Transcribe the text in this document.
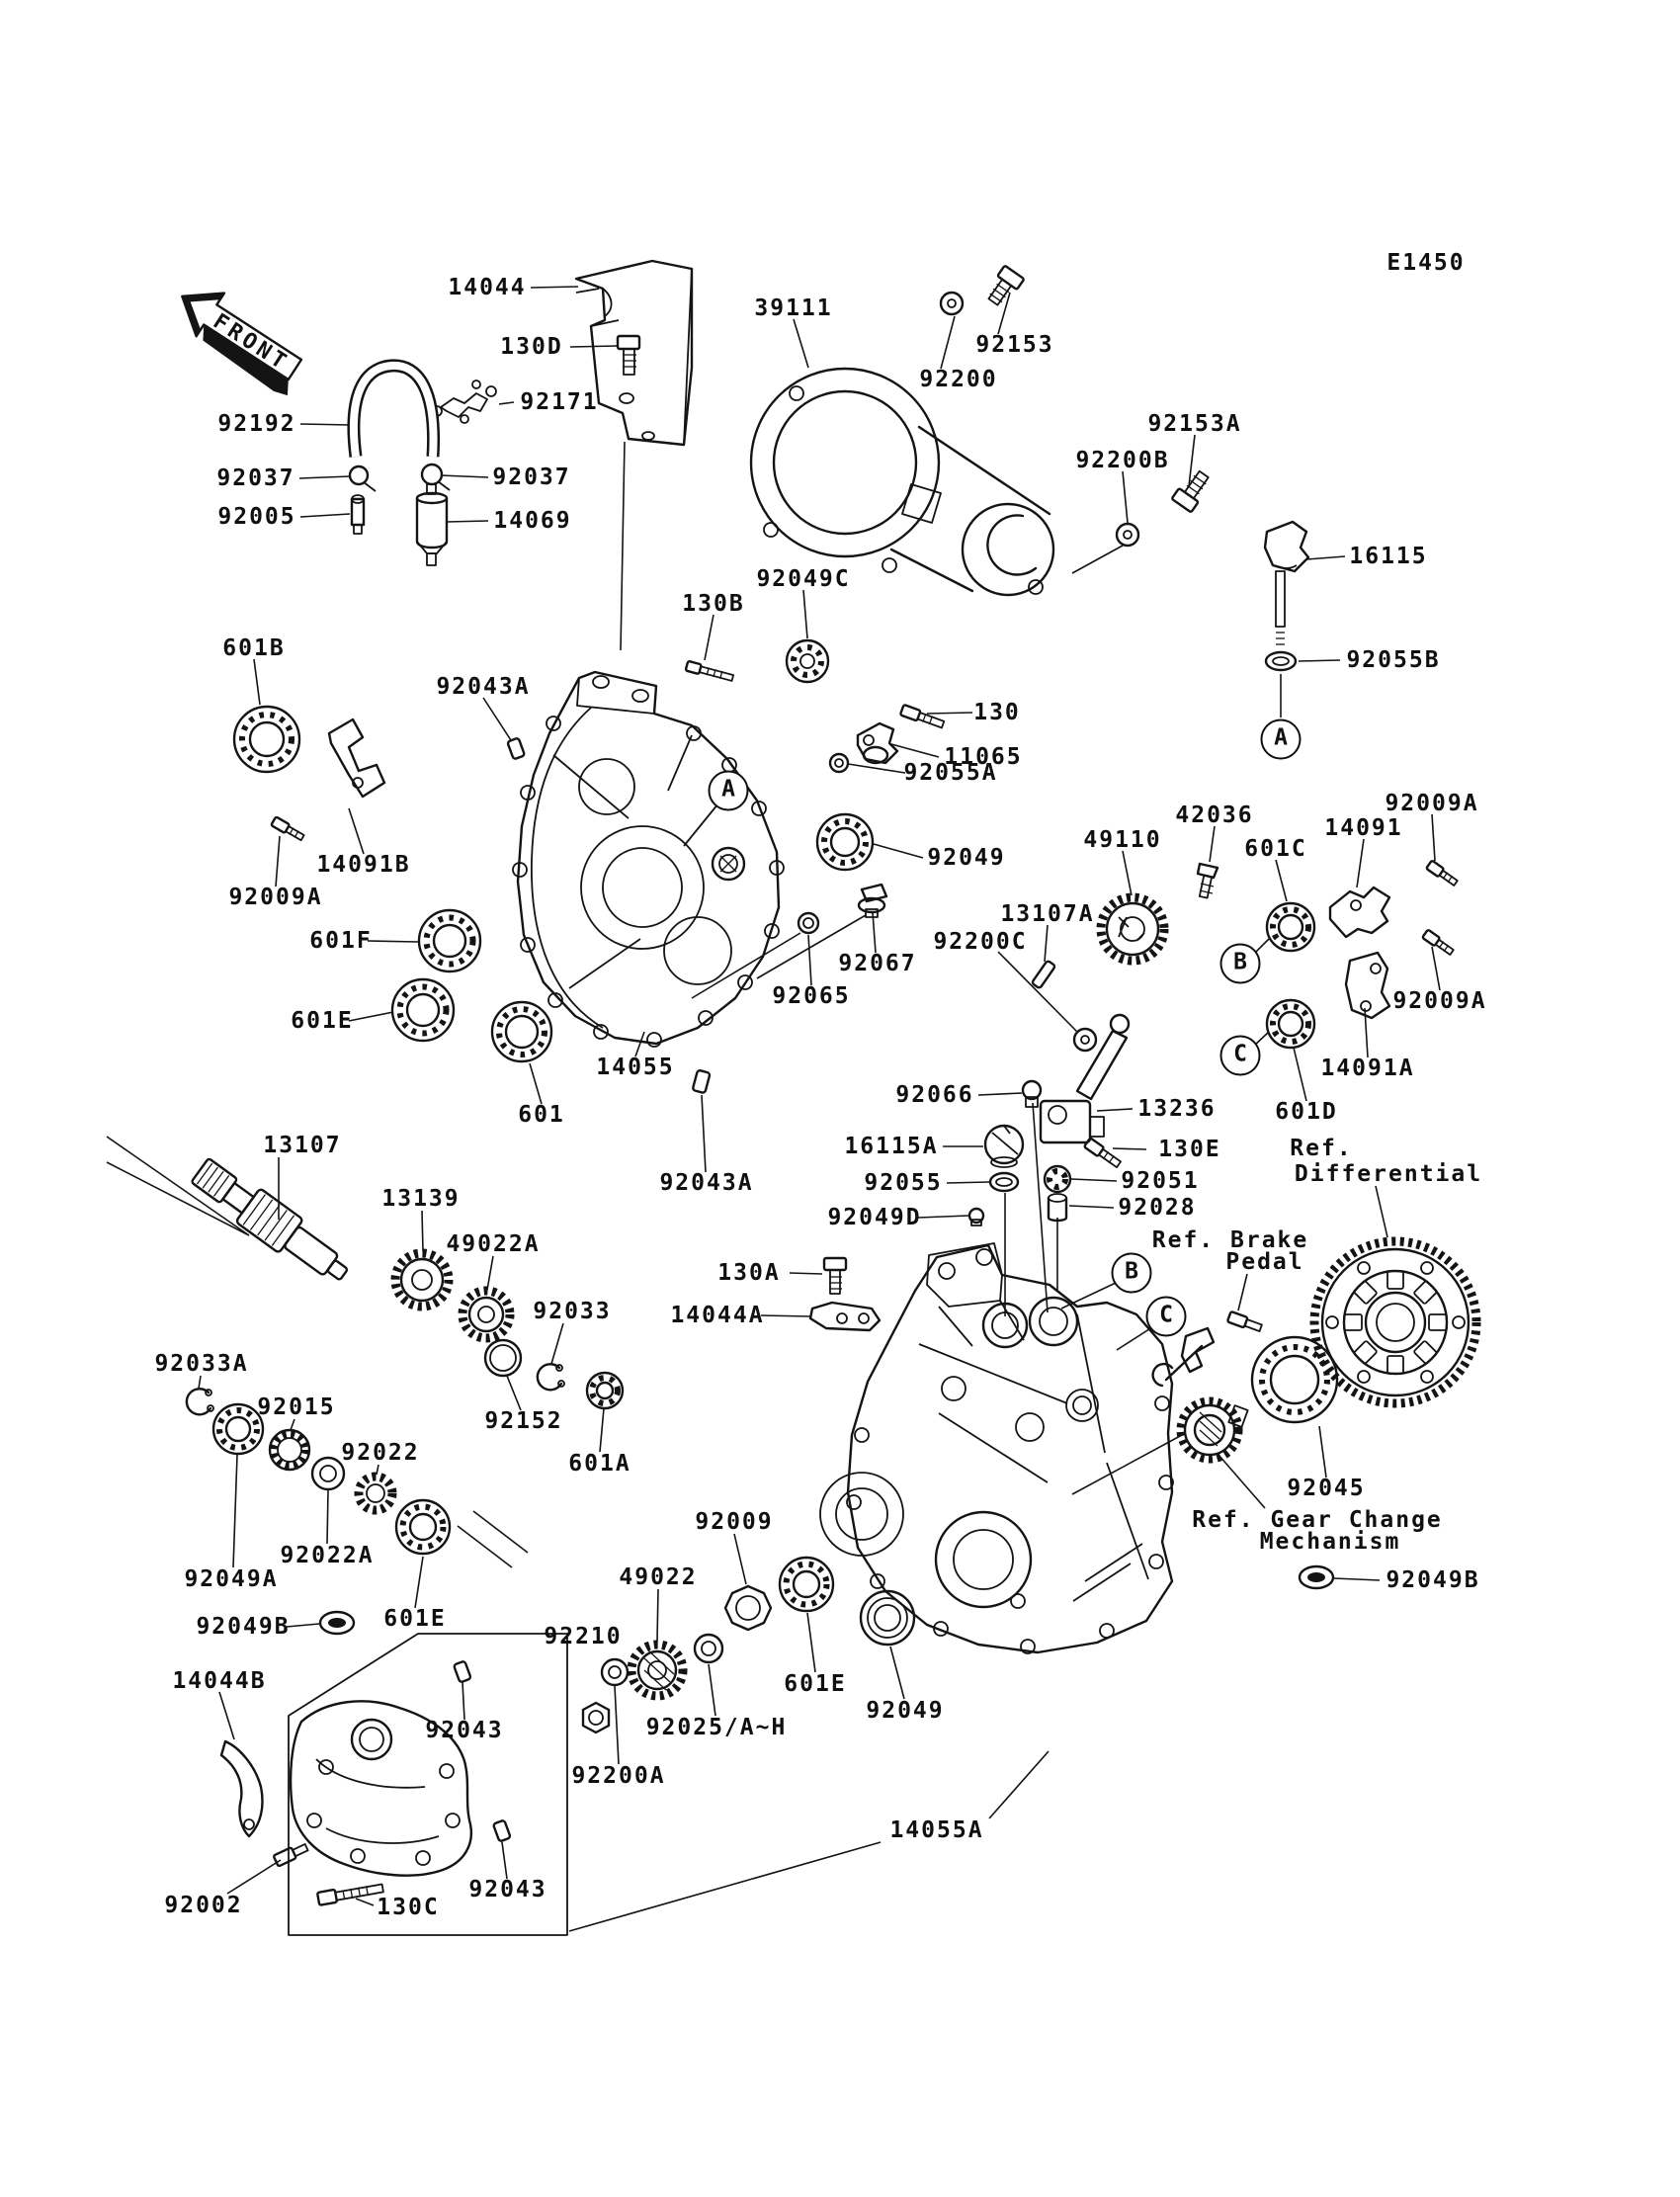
FRONT
14044
130D
92171
92192
92037	92037
92005	14069
39111
92153
92200
92153A
92200B
16115
92055B
92049C
130B
130
11065
92055A
92049
601B
92043A
14091B
92009A
601F
601E
49110
42036
601C
14091
92009A
13107A
92200C
92067
92065
14055
601
92043A
92066
13236
130E
16115A
92055	92051
92028
92049D
92009A
14091A
601D
Ref.
Differential
Ref. Brake
Pedal
13107
13139
49022A
92033
92033A
92015
92022
92152
601A
92049A
92022A
130A
14044A
92009
49022
601E
92049
92025/A~H
92200A
14055A
92045
Ref. Gear Change
Mechanism
92049B
92049B	601E
14044B
92210
92043
92002	130C
92043
A
A
B
C
B
C
E1450
